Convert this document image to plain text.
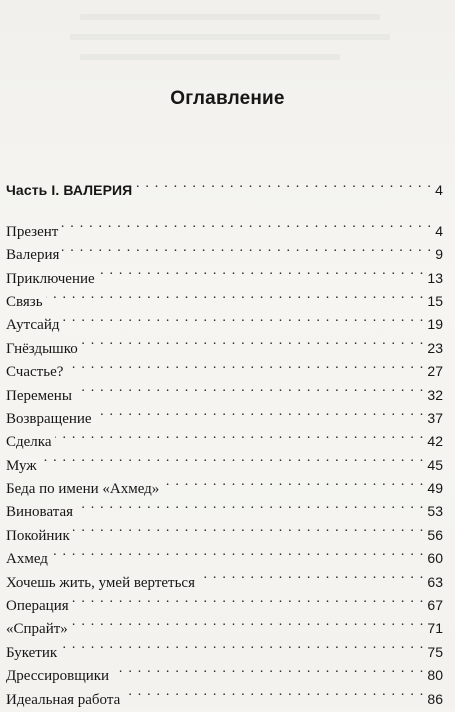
Оглавление
Часть I. ВАЛЕРИЯ . . .	4
Презент . . .	4
Валерия . . .	9
Приключение . . .	13
Связь . . .	15
Аутсайд . . .	19
Гнёздышко . . .	23
Счастье? . . .	27
Перемены . . .	32
Возвращение . . .	37
Сделка . . .	42
Муж . . .	45
Беда по имени «Ахмед» . . .	49
Виноватая . . .	53
Покойник . . .	56
Ахмед . . .	60
Хочешь жить, умей вертеться . . .	63
Операция . . .	67
«Спрайт» . . .	71
Букетик . . .	75
Дрессировщики . . .	80
Идеальная работа . . .	86
